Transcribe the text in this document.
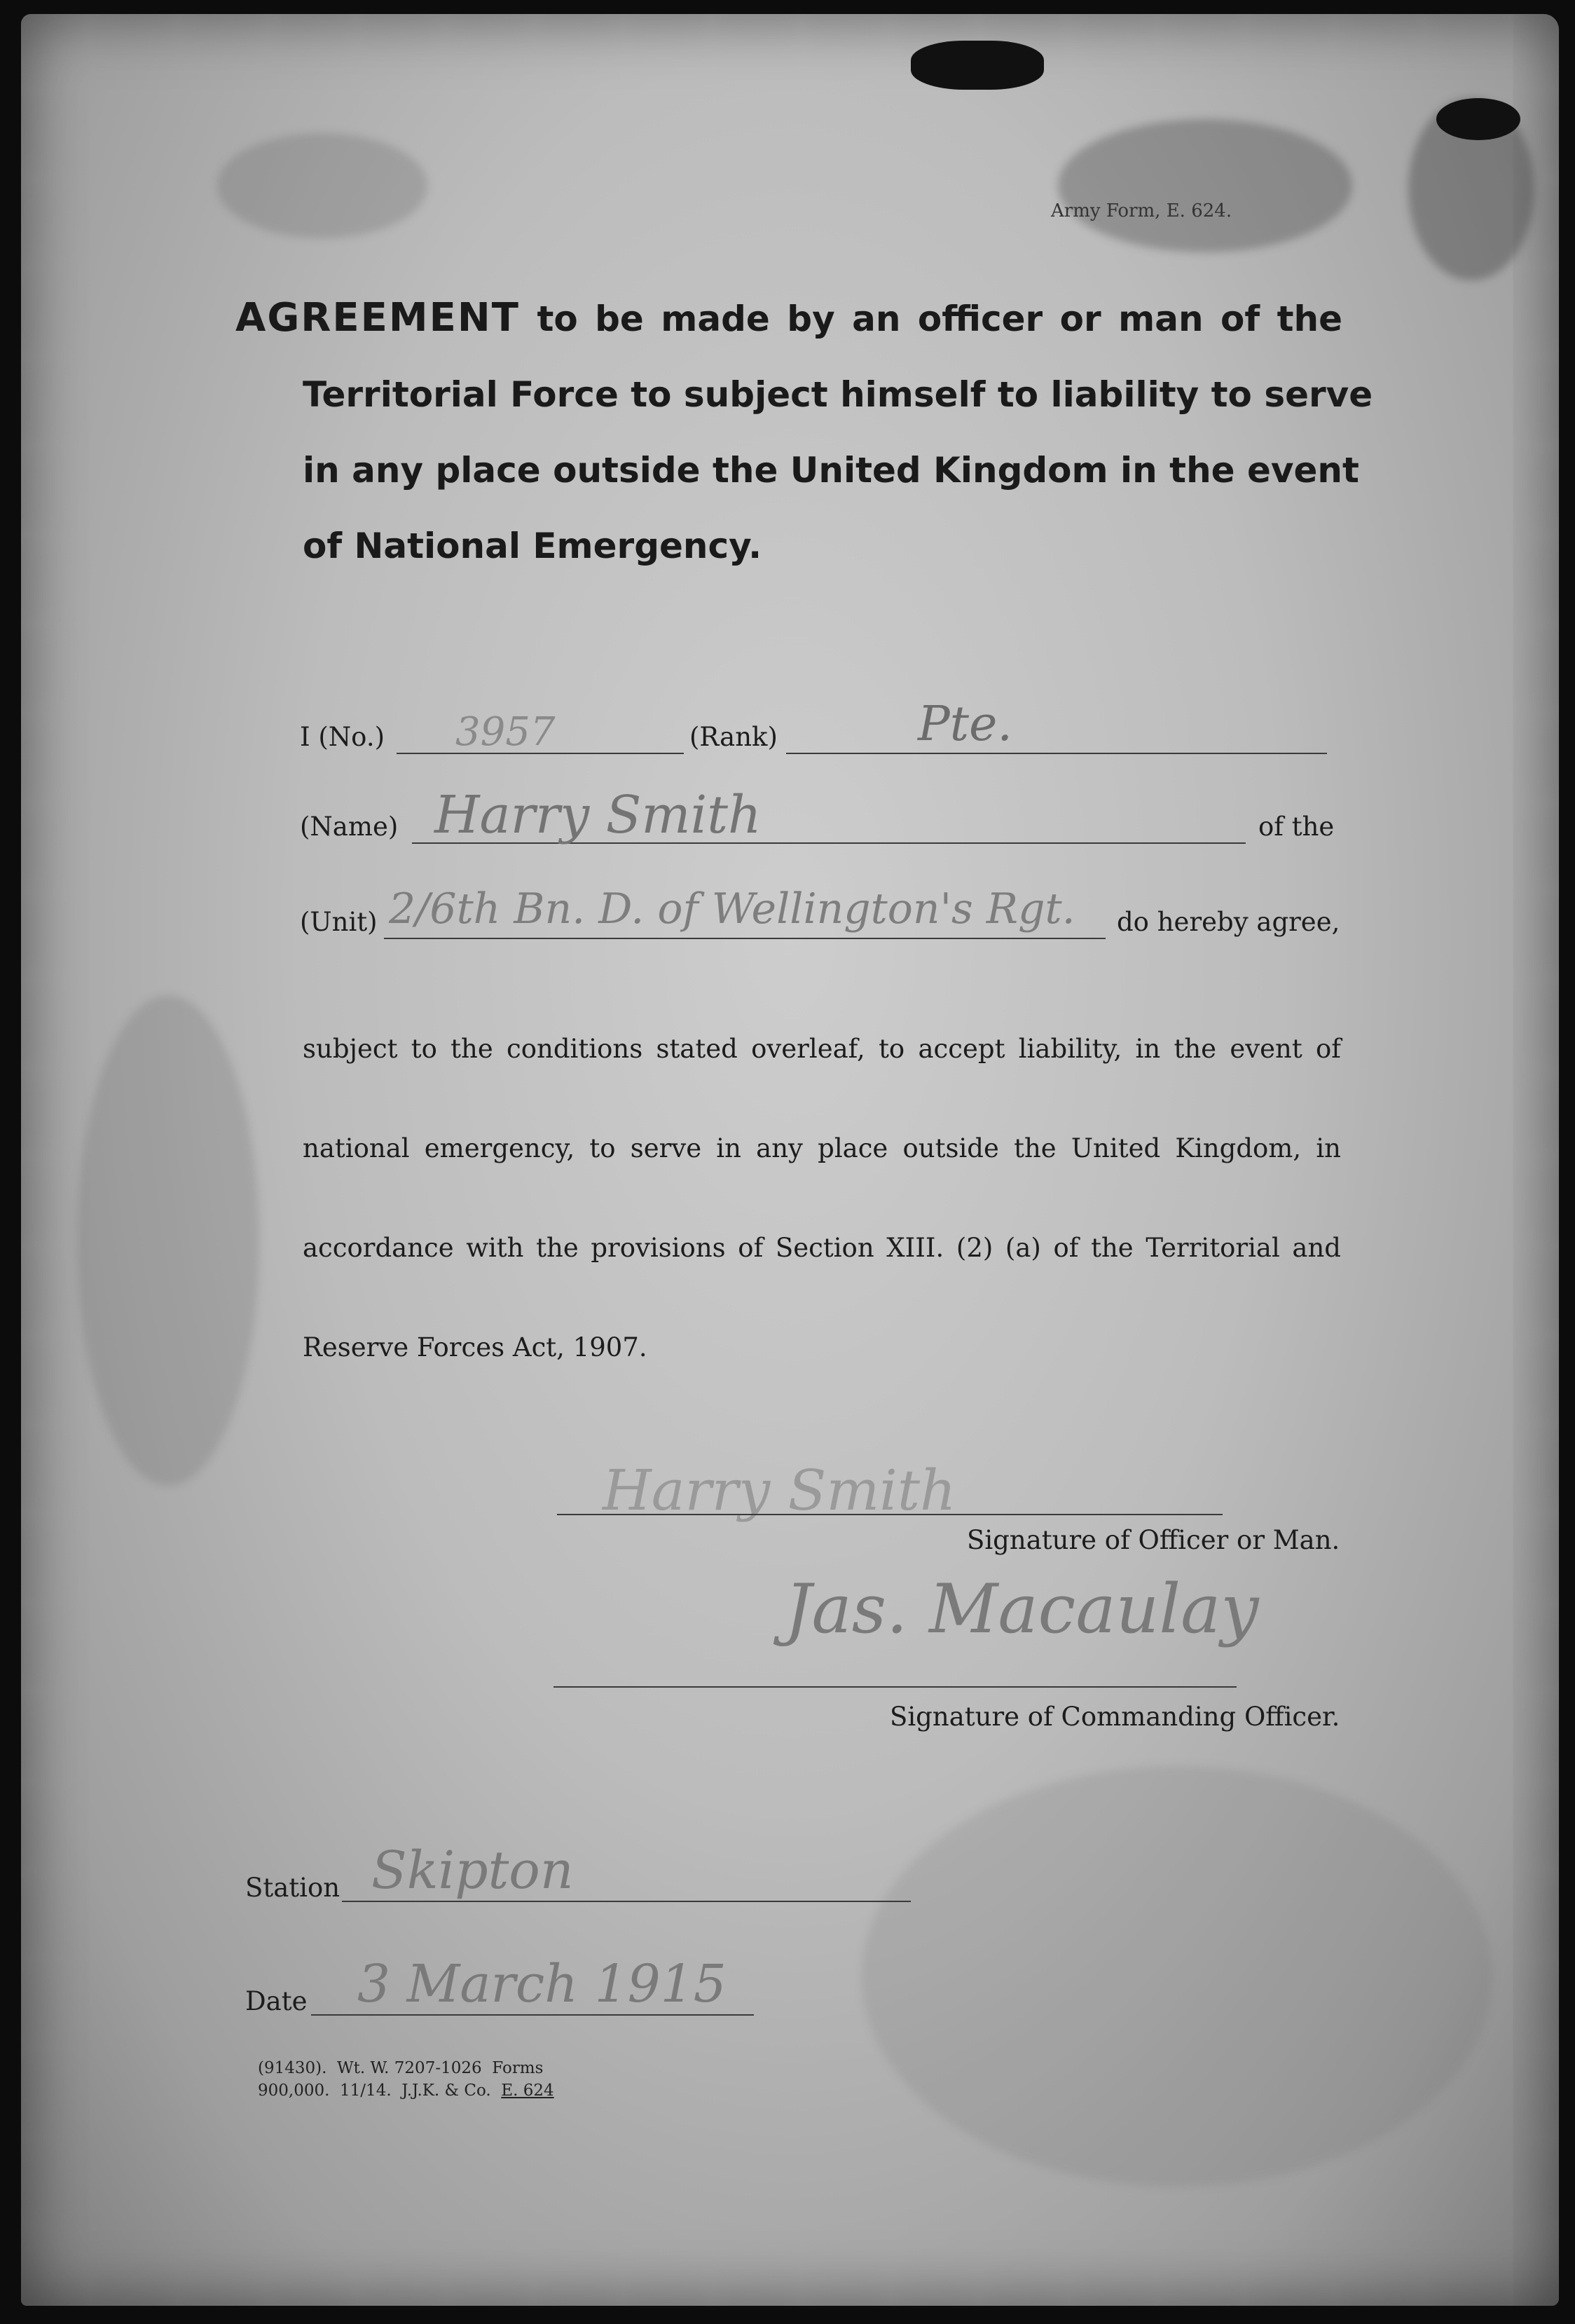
Army Form, E. 624.
AGREEMENT to be made by an officer or man of the
Territorial Force to subject himself to liability to serve
in any place outside the United Kingdom in the event
of National Emergency.
I (No.) 3957	(Rank)	Pte.
(Name) Harry Smith	of the
(Unit) 2/6th Bn. D. of Wellington's Rgt. do hereby agree,
subject to the conditions stated overleaf, to accept liability, in the event of
national emergency, to serve in any place outside the United Kingdom, in
accordance with the provisions of Section XIII. (2) (a) of the Territorial and
Reserve Forces Act, 1907.
Harry Smith
Signature of Officer or Man.
Jas. Macaulay
Signature of Commanding Officer.
Station Skipton
Date 3 March 1915
(91430).  Wt. W. 7207-1026 Forms
900,000.  11/14.  J.J.K. & Co. E. 624
